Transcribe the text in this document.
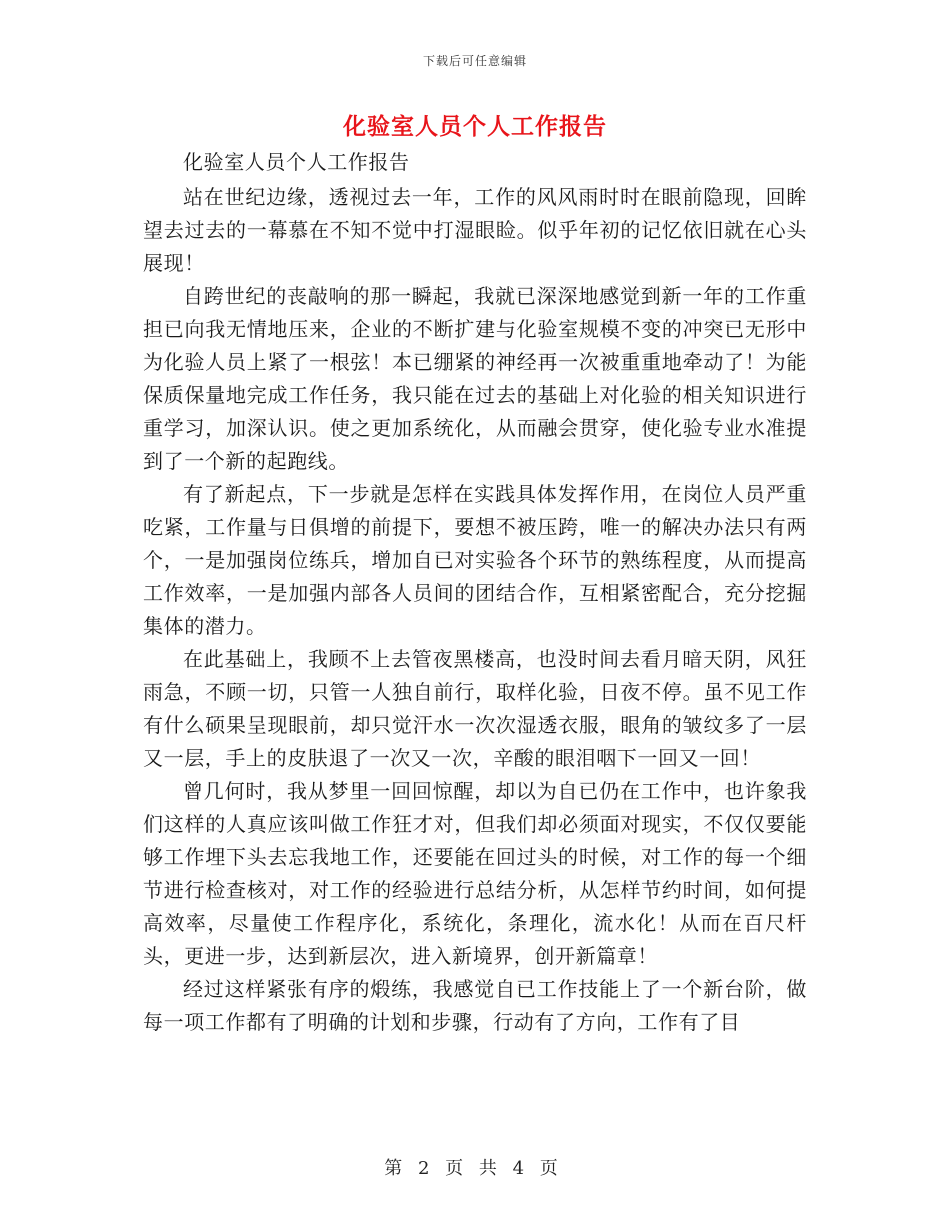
下载后可任意编辑
化验室人员个人工作报告

化验室人员个人工作报告

站在世纪边缘，透视过去一年，工作的风风雨时时在眼前隐现，回眸望去过去的一幕慕在不知不觉中打湿眼睑。似乎年初的记忆依旧就在心头展现！

自跨世纪的丧敲响的那一瞬起，我就已深深地感觉到新一年的工作重担已向我无情地压来，企业的不断扩建与化验室规模不变的冲突已无形中为化验人员上紧了一根弦！本已绷紧的神经再一次被重重地牵动了！为能保质保量地完成工作任务，我只能在过去的基础上对化验的相关知识进行重学习，加深认识。使之更加系统化，从而融会贯穿，使化验专业水准提到了一个新的起跑线。

有了新起点，下一步就是怎样在实践具体发挥作用，在岗位人员严重吃紧，工作量与日俱增的前提下，要想不被压跨，唯一的解决办法只有两个，一是加强岗位练兵，增加自已对实验各个环节的熟练程度，从而提高工作效率，一是加强内部各人员间的团结合作，互相紧密配合，充分挖掘集体的潜力。

在此基础上，我顾不上去管夜黑楼高，也没时间去看月暗天阴，风狂雨急，不顾一切，只管一人独自前行，取样化验，日夜不停。虽不见工作有什么硕果呈现眼前，却只觉汗水一次次湿透衣服，眼角的皱纹多了一层又一层，手上的皮肤退了一次又一次，辛酸的眼泪咽下一回又一回！

曾几何时，我从梦里一回回惊醒，却以为自已仍在工作中，也许象我们这样的人真应该叫做工作狂才对，但我们却必须面对现实，不仅仅要能够工作埋下头去忘我地工作，还要能在回过头的时候，对工作的每一个细节进行检查核对，对工作的经验进行总结分析，从怎样节约时间，如何提高效率，尽量使工作程序化，系统化，条理化，流水化！从而在百尺杆头，更进一步，达到新层次，进入新境界，创开新篇章！

经过这样紧张有序的煅练，我感觉自已工作技能上了一个新台阶，做每一项工作都有了明确的计划和步骤，行动有了方向，工作有了目

第 2 页 共 4 页
